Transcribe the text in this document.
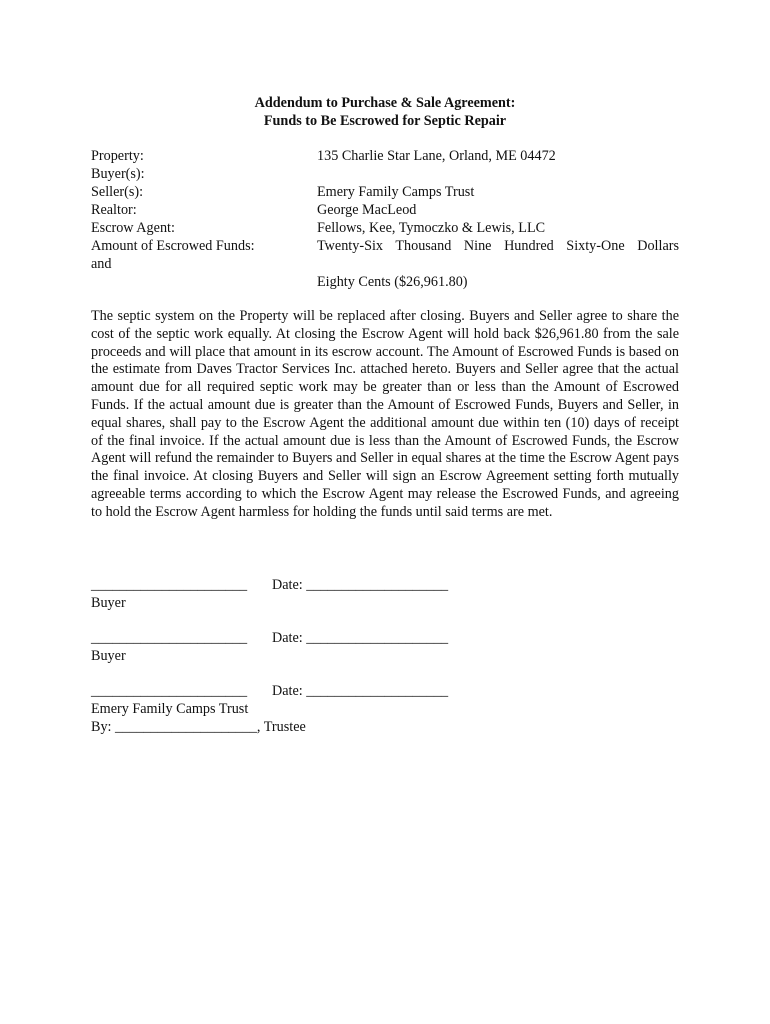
Addendum to Purchase & Sale Agreement:
Funds to Be Escrowed for Septic Repair
Property:	135 Charlie Star Lane, Orland, ME 04472
Buyer(s):
Seller(s):	Emery Family Camps Trust
Realtor:	George MacLeod
Escrow Agent:	Fellows, Kee, Tymoczko & Lewis, LLC
Amount of Escrowed Funds:	Twenty-Six Thousand Nine Hundred Sixty-One Dollars
and
Eighty Cents ($26,961.80)
The septic system on the Property will be replaced after closing. Buyers and Seller agree to share the cost of the septic work equally. At closing the Escrow Agent will hold back $26,961.80 from the sale proceeds and will place that amount in its escrow account. The Amount of Escrowed Funds is based on the estimate from Daves Tractor Services Inc. attached hereto. Buyers and Seller agree that the actual amount due for all required septic work may be greater than or less than the Amount of Escrowed Funds. If the actual amount due is greater than the Amount of Escrowed Funds, Buyers and Seller, in equal shares, shall pay to the Escrow Agent the additional amount due within ten (10) days of receipt of the final invoice. If the actual amount due is less than the Amount of Escrowed Funds, the Escrow Agent will refund the remainder to Buyers and Seller in equal shares at the time the Escrow Agent pays the final invoice. At closing Buyers and Seller will sign an Escrow Agreement setting forth mutually agreeable terms according to which the Escrow Agent may release the Escrowed Funds, and agreeing to hold the Escrow Agent harmless for holding the funds until said terms are met.
______________________ Date: ____________________
Buyer
______________________ Date: ____________________
Buyer
______________________ Date: ____________________
Emery Family Camps Trust
By: ____________________, Trustee
